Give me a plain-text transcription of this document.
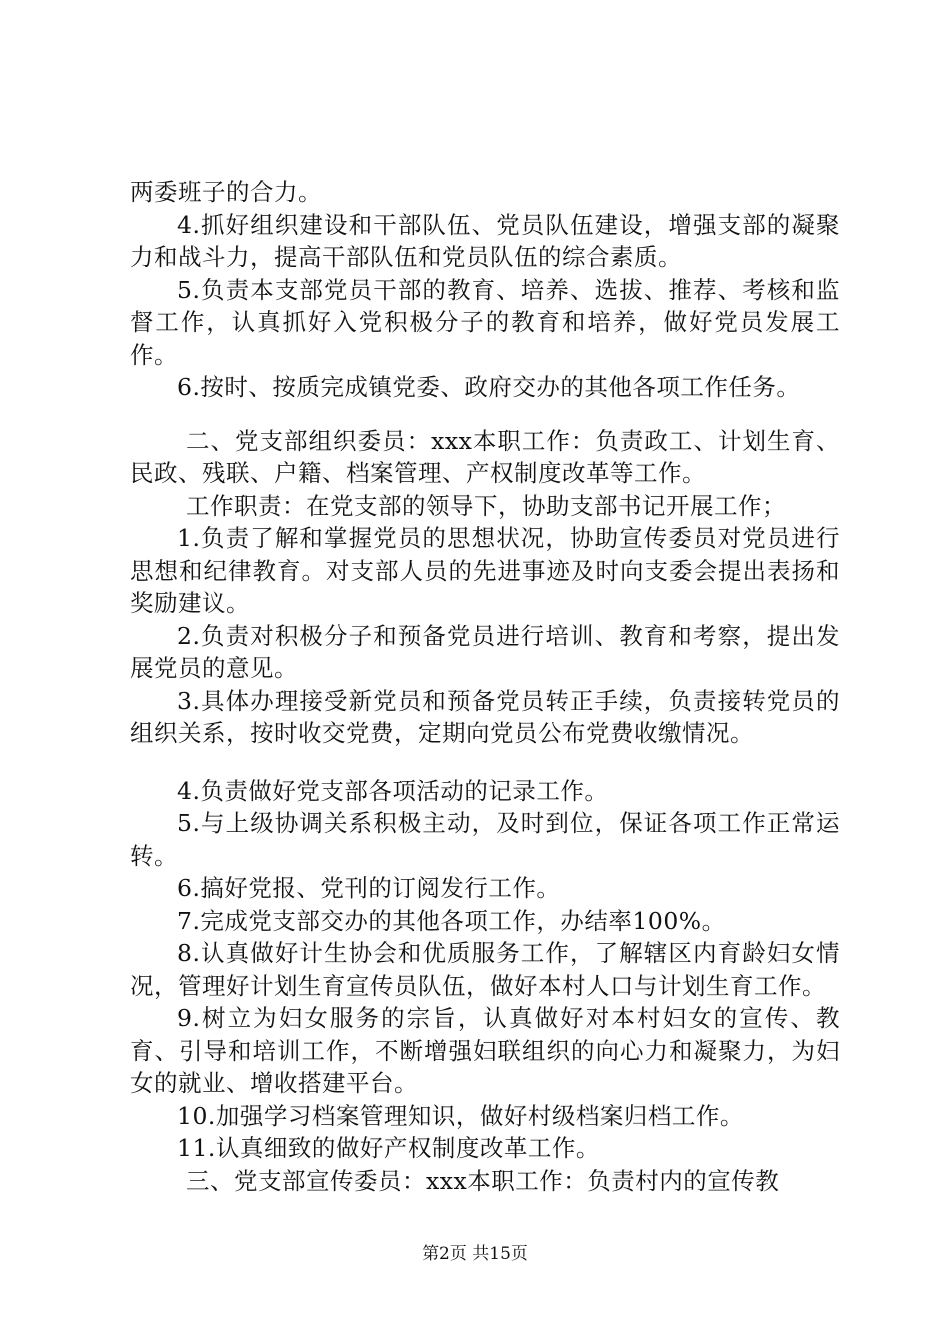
两委班子的合力。

4.抓好组织建设和干部队伍、党员队伍建设，增强支部的凝聚力和战斗力，提高干部队伍和党员队伍的综合素质。

5.负责本支部党员干部的教育、培养、选拔、推荐、考核和监督工作，认真抓好入党积极分子的教育和培养，做好党员发展工作。

6.按时、按质完成镇党委、政府交办的其他各项工作任务。

二、党支部组织委员：xxx本职工作：负责政工、计划生育、民政、残联、户籍、档案管理、产权制度改革等工作。

工作职责：在党支部的领导下，协助支部书记开展工作；

1.负责了解和掌握党员的思想状况，协助宣传委员对党员进行思想和纪律教育。对支部人员的先进事迹及时向支委会提出表扬和奖励建议。

2.负责对积极分子和预备党员进行培训、教育和考察，提出发展党员的意见。

3.具体办理接受新党员和预备党员转正手续，负责接转党员的组织关系，按时收交党费，定期向党员公布党费收缴情况。

4.负责做好党支部各项活动的记录工作。

5.与上级协调关系积极主动，及时到位，保证各项工作正常运转。

6.搞好党报、党刊的订阅发行工作。

7.完成党支部交办的其他各项工作，办结率100%。

8.认真做好计生协会和优质服务工作，了解辖区内育龄妇女情况，管理好计划生育宣传员队伍，做好本村人口与计划生育工作。

9.树立为妇女服务的宗旨，认真做好对本村妇女的宣传、教育、引导和培训工作，不断增强妇联组织的向心力和凝聚力，为妇女的就业、增收搭建平台。

10.加强学习档案管理知识，做好村级档案归档工作。

11.认真细致的做好产权制度改革工作。

三、党支部宣传委员：xxx本职工作：负责村内的宣传教

第2页 共15页
